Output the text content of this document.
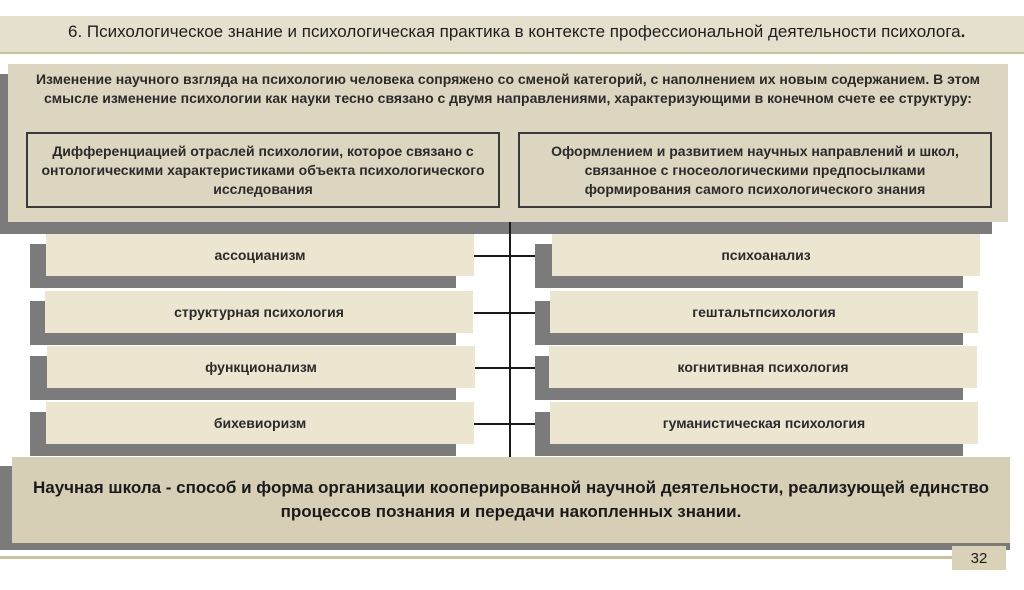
6. Психологическое знание и психологическая практика в контексте профессиональной деятельности психолога.
Изменение научного взгляда на психологию человека сопряжено со сменой категорий, с наполнением их новым содержанием. В этом смысле изменение психологии как науки тесно связано с двумя направлениями, характеризующими в конечном счете ее структуру:
Дифференциацией отраслей психологии, которое связано с онтологическими характеристиками объекта психологического исследования
Оформлением и развитием научных направлений и школ, связанное с гносеологическими предпосылками формирования самого психологического знания
ассоцианизм
структурная психология
функционализм
бихевиоризм
психоанализ
гештальтпсихология
когнитивная психология
гуманистическая психология
Научная школа - способ и форма организации кооперированной научной деятельности, реализующей единство процессов познания и передачи накопленных знании.
32
